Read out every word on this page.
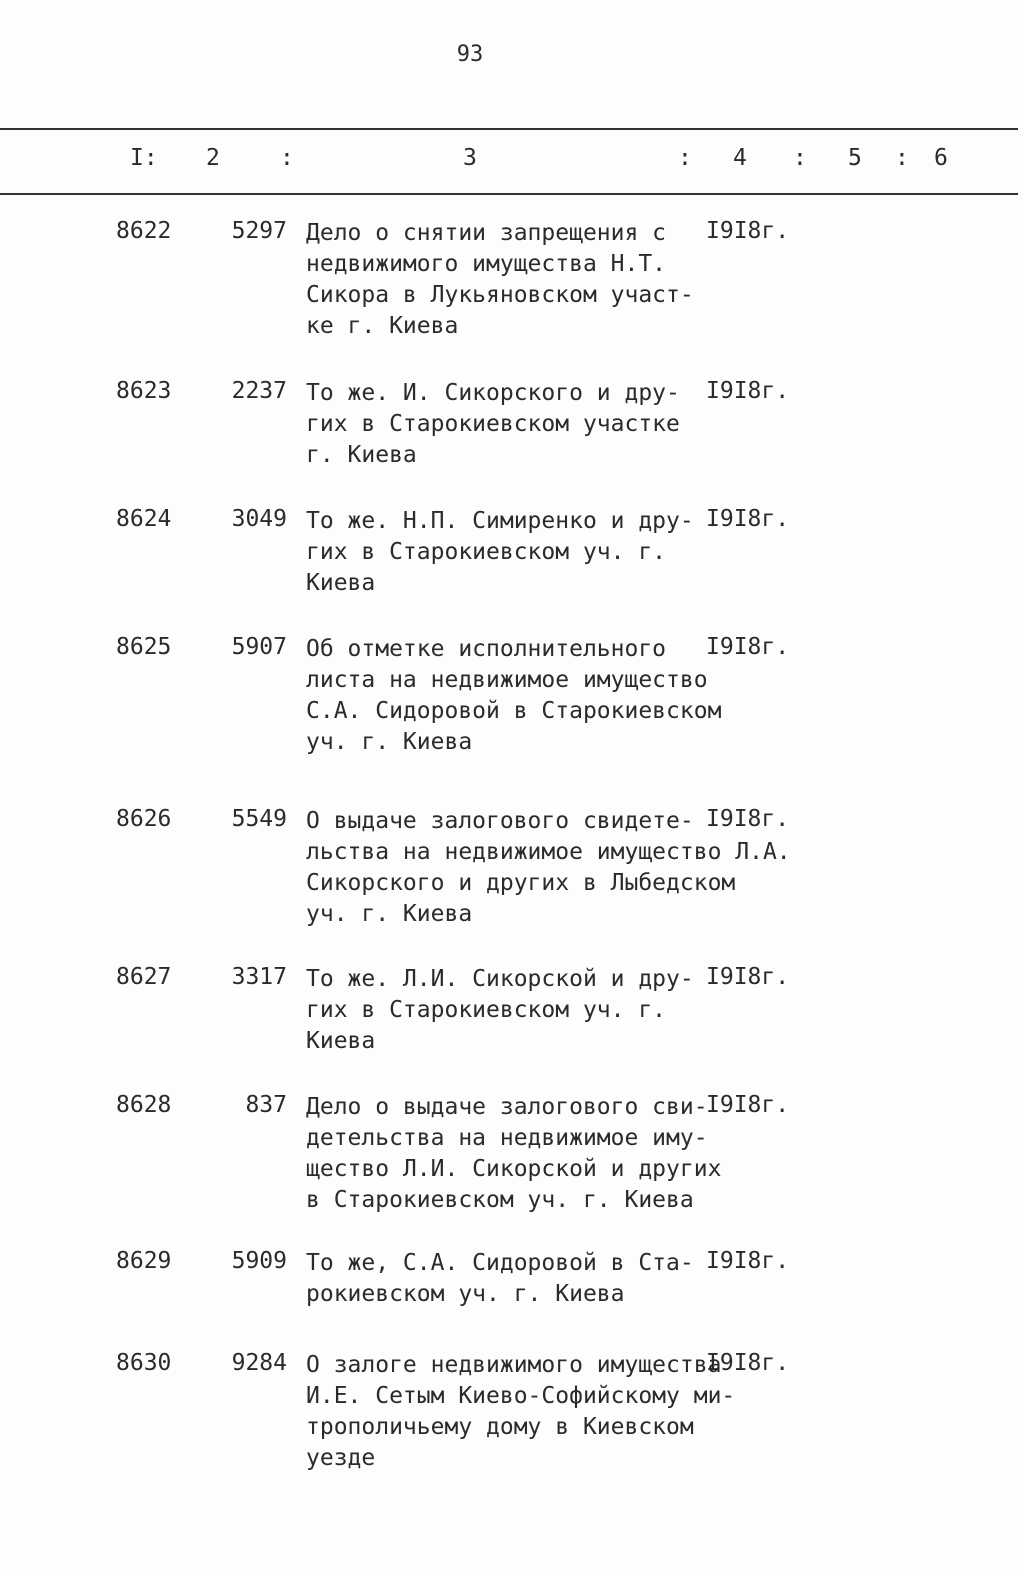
93
I: 2	:	3	: 4 : 5 : 6
8622	5297 Дело о снятии запрещения с
недвижимого имущества Н.Т.
Сикора в Лукьяновском участ-
ке г. Киева
I9I8г.
8623	2237 То же. И. Сикорского и дру-
гих в Старокиевском участке
г. Киева
I9I8г.
8624	3049 То же. Н.П. Симиренко и дру-
гих в Старокиевском уч. г.
Киева
I9I8г.
8625	5907 Об отметке исполнительного
листа на недвижимое имущество
С.А. Сидоровой в Старокиевском
уч. г. Киева
I9I8г.
8626	5549 О выдаче залогового свидете-
льства на недвижимое имущество Л.А.
Сикорского и других в Лыбедском
уч. г. Киева
I9I8г.
8627	3317 То же. Л.И. Сикорской и дру-
гих в Старокиевском уч. г.
Киева
I9I8г.
8628	837 Дело о выдаче залогового сви-
детельства на недвижимое иму-
щество Л.И. Сикорской и других
в Старокиевском уч. г. Киева
I9I8г.
8629	5909 То же, С.А. Сидоровой в Ста-
рокиевском уч. г. Киева
I9I8г.
8630	9284 О залоге недвижимого имущества
И.Е. Сетым Киево-Софийскому ми-
трополичьему дому в Киевском
уезде
I9I8г.
